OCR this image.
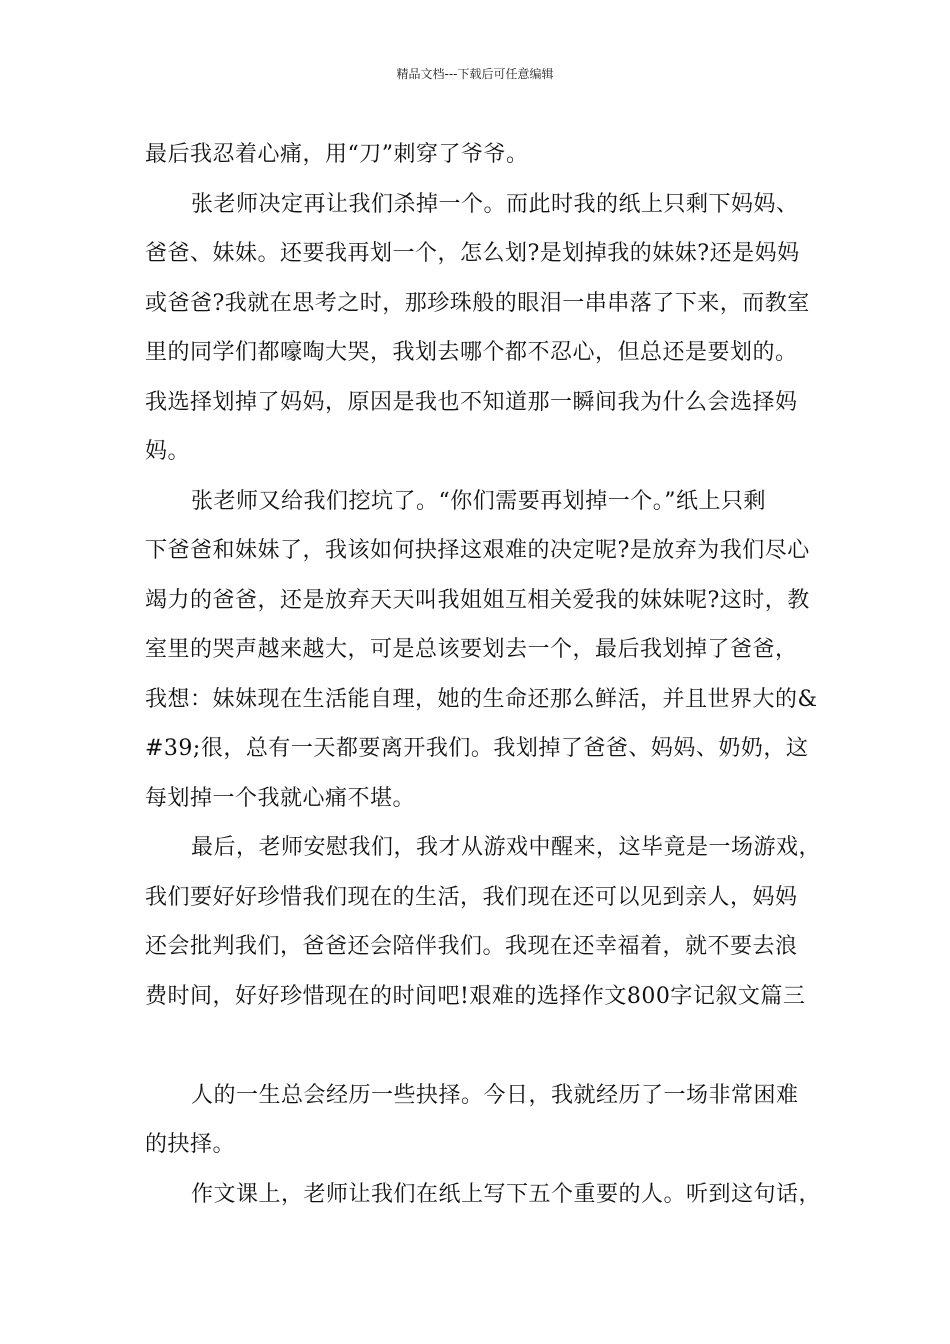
精品文档---下载后可任意编辑
最后我忍着心痛，用“刀”刺穿了爷爷。
张老师决定再让我们杀掉一个。而此时我的纸上只剩下妈妈、
爸爸、妹妹。还要我再划一个，怎么划?是划掉我的妹妹?还是妈妈
或爸爸?我就在思考之时，那珍珠般的眼泪一串串落了下来，而教室
里的同学们都嚎啕大哭，我划去哪个都不忍心，但总还是要划的。
我选择划掉了妈妈，原因是我也不知道那一瞬间我为什么会选择妈
妈。
张老师又给我们挖坑了。“你们需要再划掉一个。”纸上只剩
下爸爸和妹妹了，我该如何抉择这艰难的决定呢?是放弃为我们尽心
竭力的爸爸，还是放弃天天叫我姐姐互相关爱我的妹妹呢?这时，教
室里的哭声越来越大，可是总该要划去一个，最后我划掉了爸爸，
我想：妹妹现在生活能自理，她的生命还那么鲜活，并且世界大的&
#39;很，总有一天都要离开我们。我划掉了爸爸、妈妈、奶奶，这
每划掉一个我就心痛不堪。
最后，老师安慰我们，我才从游戏中醒来，这毕竟是一场游戏，
我们要好好珍惜我们现在的生活，我们现在还可以见到亲人，妈妈
还会批判我们，爸爸还会陪伴我们。我现在还幸福着，就不要去浪
费时间，好好珍惜现在的时间吧!艰难的选择作文800字记叙文篇三
人的一生总会经历一些抉择。今日，我就经历了一场非常困难
的抉择。
作文课上，老师让我们在纸上写下五个重要的人。听到这句话，
